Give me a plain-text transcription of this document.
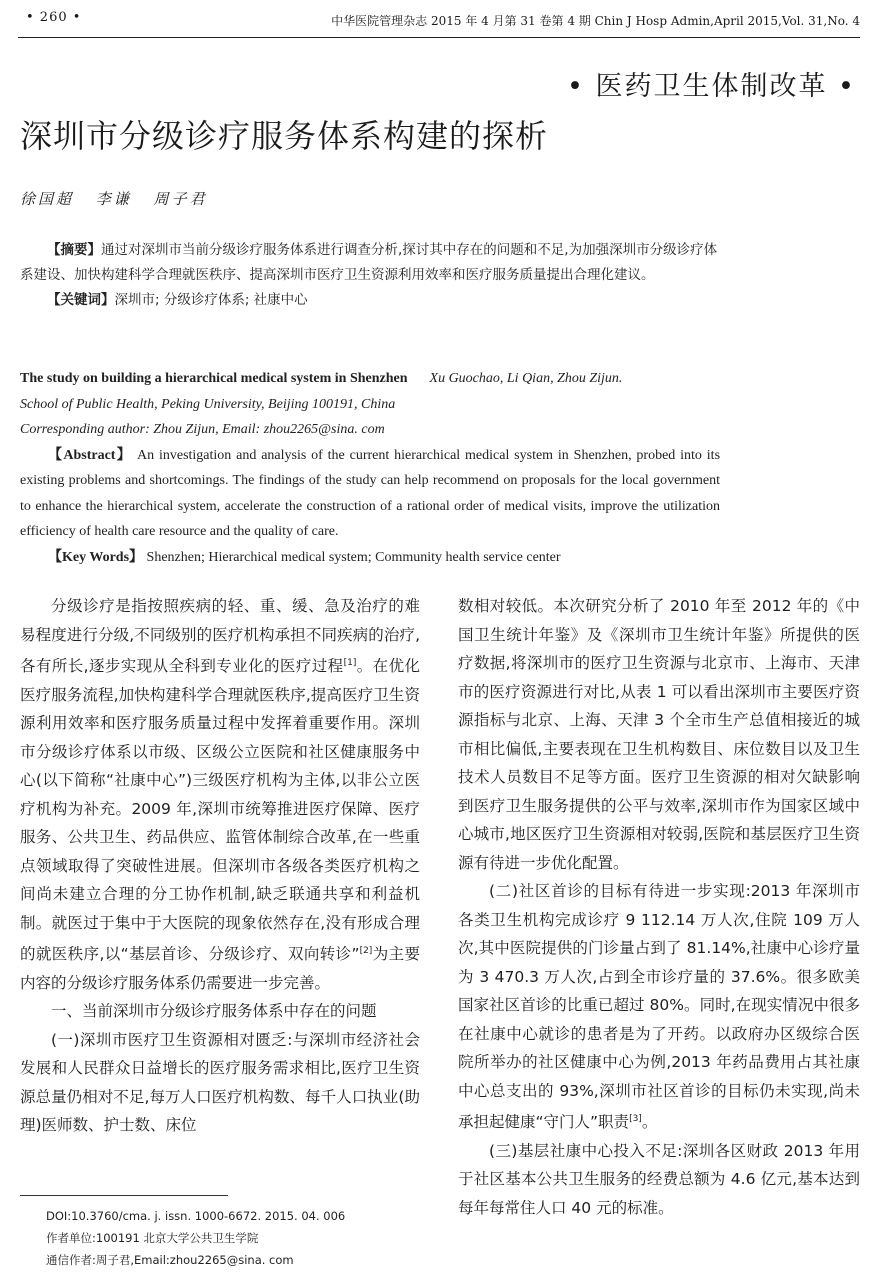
• 260 •	中华医院管理杂志 2015 年 4 月第 31 卷第 4 期 Chin J Hosp Admin,April 2015,Vol. 31,No. 4
• 医药卫生体制改革 •
深圳市分级诊疗服务体系构建的探析
徐国超 李谦 周子君
【摘要】通过对深圳市当前分级诊疗服务体系进行调查分析,探讨其中存在的问题和不足,为加强深圳市分级诊疗体系建设、加快构建科学合理就医秩序、提高深圳市医疗卫生资源利用效率和医疗服务质量提出合理化建议。
【关键词】深圳市; 分级诊疗体系; 社康中心
The study on building a hierarchical medical system in Shenzhen Xu Guochao, Li Qian, Zhou Zijun.
School of Public Health, Peking University, Beijing 100191, China
Corresponding author: Zhou Zijun, Email: zhou2265@sina. com
【Abstract】 An investigation and analysis of the current hierarchical medical system in Shenzhen, probed into its existing problems and shortcomings. The findings of the study can help recommend on proposals for the local government to enhance the hierarchical system, accelerate the construction of a rational order of medical visits, improve the utilization efficiency of health care resource and the quality of care.
【Key Words】 Shenzhen; Hierarchical medical system; Community health service center

分级诊疗是指按照疾病的轻、重、缓、急及治疗的难易程度进行分级,不同级别的医疗机构承担不同疾病的治疗,各有所长,逐步实现从全科到专业化的医疗过程[1]。在优化医疗服务流程,加快构建科学合理就医秩序,提高医疗卫生资源利用效率和医疗服务质量过程中发挥着重要作用。深圳市分级诊疗体系以市级、区级公立医院和社区健康服务中心(以下简称“社康中心”)三级医疗机构为主体,以非公立医疗机构为补充。2009 年,深圳市统筹推进医疗保障、医疗服务、公共卫生、药品供应、监管体制综合改革,在一些重点领域取得了突破性进展。但深圳市各级各类医疗机构之间尚未建立合理的分工协作机制,缺乏联通共享和利益机制。就医过于集中于大医院的现象依然存在,没有形成合理的就医秩序,以“基层首诊、分级诊疗、双向转诊”[2]为主要内容的分级诊疗服务体系仍需要进一步完善。

一、当前深圳市分级诊疗服务体系中存在的问题

(一)深圳市医疗卫生资源相对匮乏:与深圳市经济社会发展和人民群众日益增长的医疗服务需求相比,医疗卫生资源总量仍相对不足,每万人口医疗机构数、每千人口执业(助理)医师数、护士数、床位

数相对较低。本次研究分析了 2010 年至 2012 年的《中国卫生统计年鉴》及《深圳市卫生统计年鉴》所提供的医疗数据,将深圳市的医疗卫生资源与北京市、上海市、天津市的医疗资源进行对比,从表 1 可以看出深圳市主要医疗资源指标与北京、上海、天津 3 个全市生产总值相接近的城市相比偏低,主要表现在卫生机构数目、床位数目以及卫生技术人员数目不足等方面。医疗卫生资源的相对欠缺影响到医疗卫生服务提供的公平与效率,深圳市作为国家区域中心城市,地区医疗卫生资源相对较弱,医院和基层医疗卫生资源有待进一步优化配置。

(二)社区首诊的目标有待进一步实现:2013 年深圳市各类卫生机构完成诊疗 9 112.14 万人次,住院 109 万人次,其中医院提供的门诊量占到了 81.14%,社康中心诊疗量为 3 470.3 万人次,占到全市诊疗量的 37.6%。很多欧美国家社区首诊的比重已超过 80%。同时,在现实情况中很多在社康中心就诊的患者是为了开药。以政府办区级综合医院所举办的社区健康中心为例,2013 年药品费用占其社康中心总支出的 93%,深圳市社区首诊的目标仍未实现,尚未承担起健康“守门人”职责[3]。

(三)基层社康中心投入不足:深圳各区财政 2013 年用于社区基本公共卫生服务的经费总额为 4.6 亿元,基本达到每年每常住人口 40 元的标准。

DOI:10.3760/cma. j. issn. 1000-6672. 2015. 04. 006
作者单位:100191 北京大学公共卫生学院
通信作者:周子君,Email:zhou2265@sina. com
